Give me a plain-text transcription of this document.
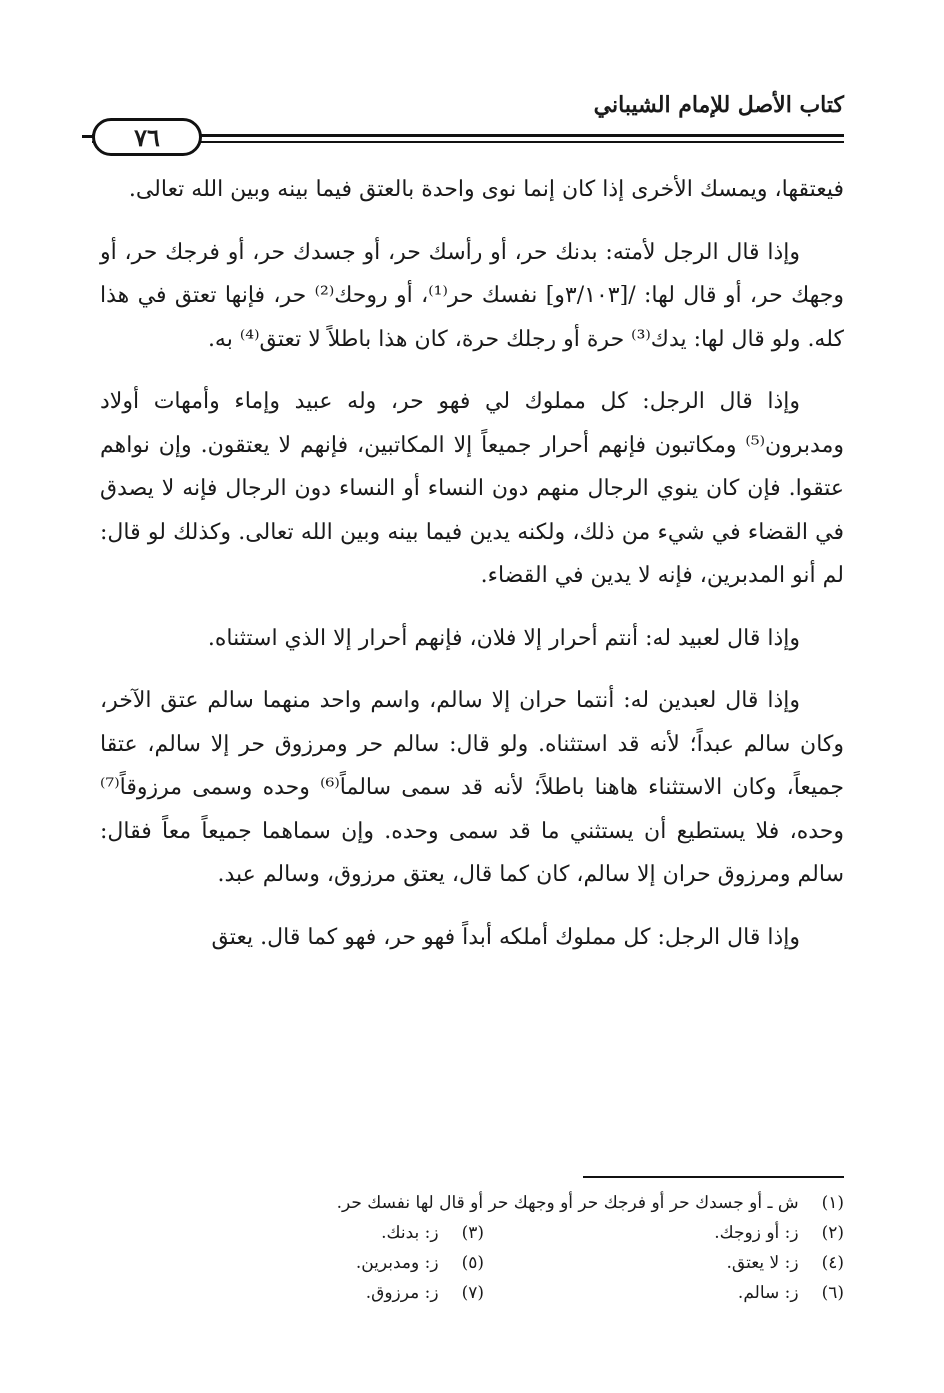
كتاب الأصل للإمام الشيباني
٧٦

فيعتقها، ويمسك الأخرى إذا كان إنما نوى واحدة بالعتق فيما بينه وبين الله تعالى.

وإذا قال الرجل لأمته: بدنك حر، أو رأسك حر، أو جسدك حر، أو فرجك حر، أو وجهك حر، أو قال لها: /[٣/١٠٣و] نفسك حر⁽¹⁾، أو روحك⁽²⁾ حر، فإنها تعتق في هذا كله. ولو قال لها: يدك⁽³⁾ حرة أو رجلك حرة، كان هذا باطلاً لا تعتق⁽⁴⁾ به.

وإذا قال الرجل: كل مملوك لي فهو حر، وله عبيد وإماء وأمهات أولاد ومدبرون⁽⁵⁾ ومكاتبون فإنهم أحرار جميعاً إلا المكاتبين، فإنهم لا يعتقون. وإن نواهم عتقوا. فإن كان ينوي الرجال منهم دون النساء أو النساء دون الرجال فإنه لا يصدق في القضاء في شيء من ذلك، ولكنه يدين فيما بينه وبين الله تعالى. وكذلك لو قال: لم أنو المدبرين، فإنه لا يدين في القضاء.

وإذا قال لعبيد له: أنتم أحرار إلا فلان، فإنهم أحرار إلا الذي استثناه.

وإذا قال لعبدين له: أنتما حران إلا سالم، واسم واحد منهما سالم عتق الآخر، وكان سالم عبداً؛ لأنه قد استثناه. ولو قال: سالم حر ومرزوق حر إلا سالم، عتقا جميعاً، وكان الاستثناء هاهنا باطلاً؛ لأنه قد سمى سالماً⁽⁶⁾ وحده وسمى مرزوقاً⁽⁷⁾ وحده، فلا يستطيع أن يستثني ما قد سمى وحده. وإن سماهما جميعاً معاً فقال: سالم ومرزوق حران إلا سالم، كان كما قال، يعتق مرزوق، وسالم عبد.

وإذا قال الرجل: كل مملوك أملكه أبداً فهو حر، فهو كما قال. يعتق

(١) ش ـ أو جسدك حر أو فرجك حر أو وجهك حر أو قال لها نفسك حر.
(٢) ز: أو زوجك.
(٣) ز: بدنك.
(٤) ز: لا يعتق.
(٥) ز: ومدبرين.
(٦) ز: سالم.
(٧) ز: مرزوق.
